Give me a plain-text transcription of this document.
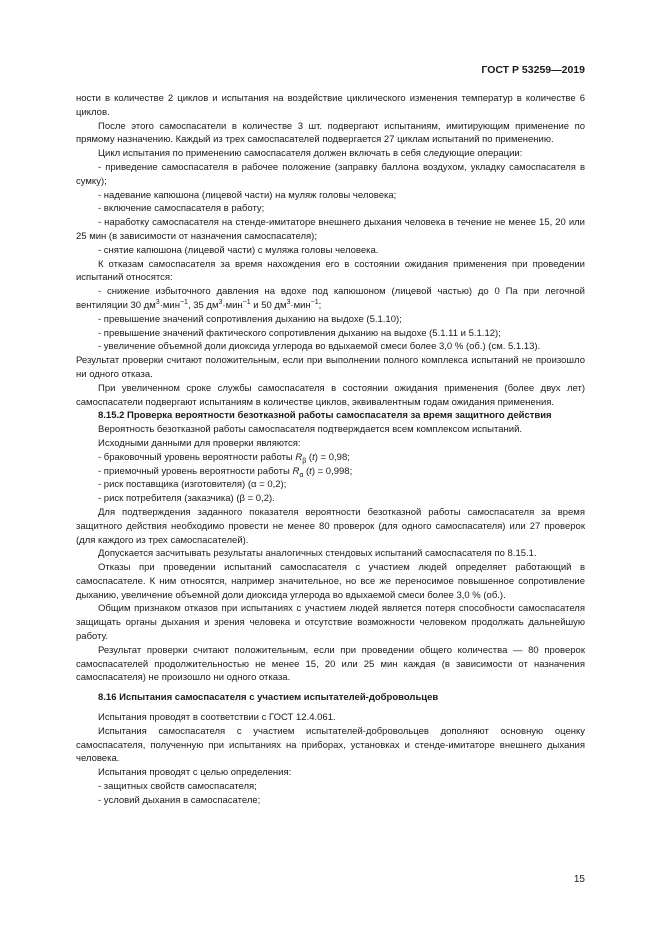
ГОСТ Р 53259—2019

ности в количестве 2 циклов и испытания на воздействие циклического изменения температур в количестве 6 циклов.

После этого самоспасатели в количестве 3 шт. подвергают испытаниям, имитирующим применение по прямому назначению. Каждый из трех самоспасателей подвергается 27 циклам испытаний по применению.

Цикл испытания по применению самоспасателя должен включать в себя следующие операции:

- приведение самоспасателя в рабочее положение (заправку баллона воздухом, укладку самоспасателя в сумку);

- надевание капюшона (лицевой части) на муляж головы человека;

- включение самоспасателя в работу;

- наработку самоспасателя на стенде-имитаторе внешнего дыхания человека в течение не менее 15, 20 или 25 мин (в зависимости от назначения самоспасателя);

- снятие капюшона (лицевой части) с муляжа головы человека.

К отказам самоспасателя за время нахождения его в состоянии ожидания применения при проведении испытаний относятся:

- снижение избыточного давления на вдохе под капюшоном (лицевой частью) до 0 Па при легочной вентиляции 30 $дм^3\cdot мин^{-1}$, 35 $дм^3\cdot мин^{-1}$ и 50 $дм^3\cdot мин^{-1}$;

- превышение значений сопротивления дыханию на выдохе (5.1.10);

- превышение значений фактического сопротивления дыханию на выдохе (5.1.11 и 5.1.12);

- увеличение объемной доли диоксида углерода во вдыхаемой смеси более 3,0 % (об.) (см. 5.1.13).

Результат проверки считают положительным, если при выполнении полного комплекса испытаний не произошло ни одного отказа.

При увеличенном сроке службы самоспасателя в состоянии ожидания применения (более двух лет) самоспасатели подвергают испытаниям в количестве циклов, эквивалентным годам ожидания применения.

8.15.2 Проверка вероятности безотказной работы самоспасателя за время защитного действия

Вероятность безотказной работы самоспасателя подтверждается всем комплексом испытаний.

Исходными данными для проверки являются:

- браковочный уровень вероятности работы $R_\beta$ (t) = 0,98;

- приемочный уровень вероятности работы $R_\alpha$ (t) = 0,998;

- риск поставщика (изготовителя) (α = 0,2);

- риск потребителя (заказчика) (β = 0,2).

Для подтверждения заданного показателя вероятности безотказной работы самоспасателя за время защитного действия необходимо провести не менее 80 проверок (для одного самоспасателя) или 27 проверок (для каждого из трех самоспасателей).

Допускается засчитывать результаты аналогичных стендовых испытаний самоспасателя по 8.15.1.

Отказы при проведении испытаний самоспасателя с участием людей определяет работающий в самоспасателе. К ним относятся, например значительное, но все же переносимое повышенное сопротивление дыханию, увеличение объемной доли диоксида углерода во вдыхаемой смеси более 3,0 % (об.).

Общим признаком отказов при испытаниях с участием людей является потеря способности самоспасателя защищать органы дыхания и зрения человека и отсутствие возможности человеком продолжать дальнейшую работу.

Результат проверки считают положительным, если при проведении общего количества — 80 проверок самоспасателей продолжительностью не менее 15, 20 или 25 мин каждая (в зависимости от назначения самоспасателя) не произошло ни одного отказа.

8.16 Испытания самоспасателя с участием испытателей-добровольцев

Испытания проводят в соответствии с ГОСТ 12.4.061.

Испытания самоспасателя с участием испытателей-добровольцев дополняют основную оценку самоспасателя, полученную при испытаниях на приборах, установках и стенде-имитаторе внешнего дыхания человека.

Испытания проводят с целью определения:

- защитных свойств самоспасателя;

- условий дыхания в самоспасателе;

15
